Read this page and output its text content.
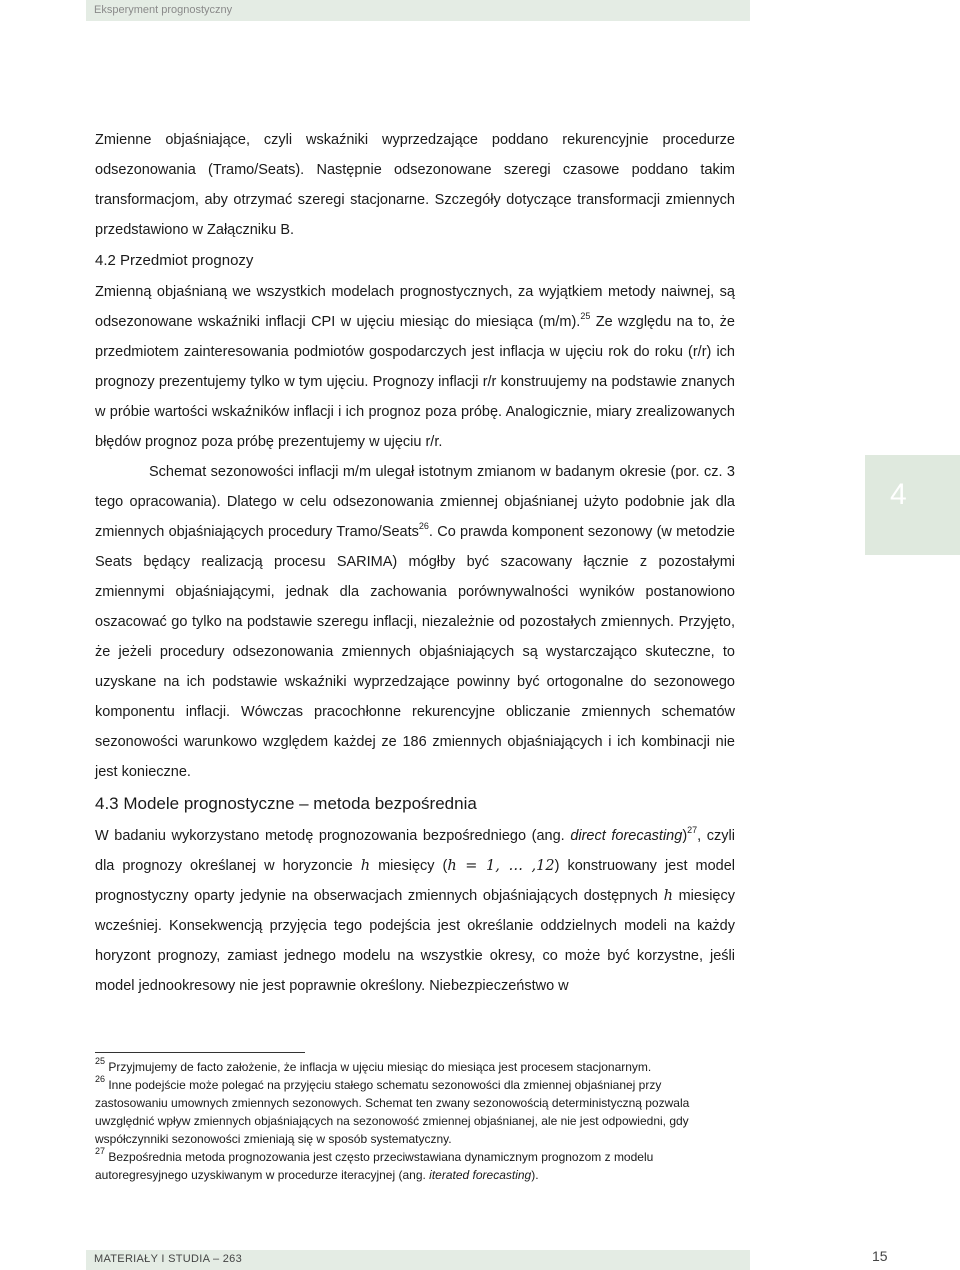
Eksperyment prognostyczny
4

Zmienne objaśniające, czyli wskaźniki wyprzedzające poddano rekurencyjnie procedurze odsezonowania (Tramo/Seats). Następnie odsezonowane szeregi czasowe poddano takim transformacjom, aby otrzymać szeregi stacjonarne. Szczegóły dotyczące transformacji zmiennych przedstawiono w Załączniku B.

4.2 Przedmiot prognozy

Zmienną objaśnianą we wszystkich modelach prognostycznych, za wyjątkiem metody naiwnej, są odsezonowane wskaźniki inflacji CPI w ujęciu miesiąc do miesiąca (m/m).$^{25}$ Ze względu na to, że przedmiotem zainteresowania podmiotów gospodarczych jest inflacja w ujęciu rok do roku (r/r) ich prognozy prezentujemy tylko w tym ujęciu. Prognozy inflacji r/r konstruujemy na podstawie znanych w próbie wartości wskaźników inflacji i ich prognoz poza próbę. Analogicznie, miary zrealizowanych błędów prognoz poza próbę prezentujemy w ujęciu r/r.

Schemat sezonowości inflacji m/m ulegał istotnym zmianom w badanym okresie (por. cz. 3 tego opracowania). Dlatego w celu odsezonowania zmiennej objaśnianej użyto podobnie jak dla zmiennych objaśniających procedury Tramo/Seats$^{26}$. Co prawda komponent sezonowy (w metodzie Seats będący realizacją procesu SARIMA) mógłby być szacowany łącznie z pozostałymi zmiennymi objaśniającymi, jednak dla zachowania porównywalności wyników postanowiono oszacować go tylko na podstawie szeregu inflacji, niezależnie od pozostałych zmiennych. Przyjęto, że jeżeli procedury odsezonowania zmiennych objaśniających są wystarczająco skuteczne, to uzyskane na ich podstawie wskaźniki wyprzedzające powinny być ortogonalne do sezonowego komponentu inflacji. Wówczas pracochłonne rekurencyjne obliczanie zmiennych schematów sezonowości warunkowo względem każdej ze 186 zmiennych objaśniających i ich kombinacji nie jest konieczne.

4.3 Modele prognostyczne – metoda bezpośrednia

W badaniu wykorzystano metodę prognozowania bezpośredniego (ang. direct forecasting)$^{27}$, czyli dla prognozy określanej w horyzoncie h miesięcy (h = 1, … ,12) konstruowany jest model prognostyczny oparty jedynie na obserwacjach zmiennych objaśniających dostępnych h miesięcy wcześniej. Konsekwencją przyjęcia tego podejścia jest określanie oddzielnych modeli na każdy horyzont prognozy, zamiast jednego modelu na wszystkie okresy, co może być korzystne, jeśli model jednookresowy nie jest poprawnie określony. Niebezpieczeństwo w

$^{25}$ Przyjmujemy de facto założenie, że inflacja w ujęciu miesiąc do miesiąca jest procesem stacjonarnym.

$^{26}$ Inne podejście może polegać na przyjęciu stałego schematu sezonowości dla zmiennej objaśnianej przy zastosowaniu umownych zmiennych sezonowych. Schemat ten zwany sezonowością deterministyczną pozwala uwzględnić wpływ zmiennych objaśniających na sezonowość zmiennej objaśnianej, ale nie jest odpowiedni, gdy współczynniki sezonowości zmieniają się w sposób systematyczny.

$^{27}$ Bezpośrednia metoda prognozowania jest często przeciwstawiana dynamicznym prognozom z modelu autoregresyjnego uzyskiwanym w procedurze iteracyjnej (ang. iterated forecasting).

MATERIAŁY I STUDIA – 263	15
